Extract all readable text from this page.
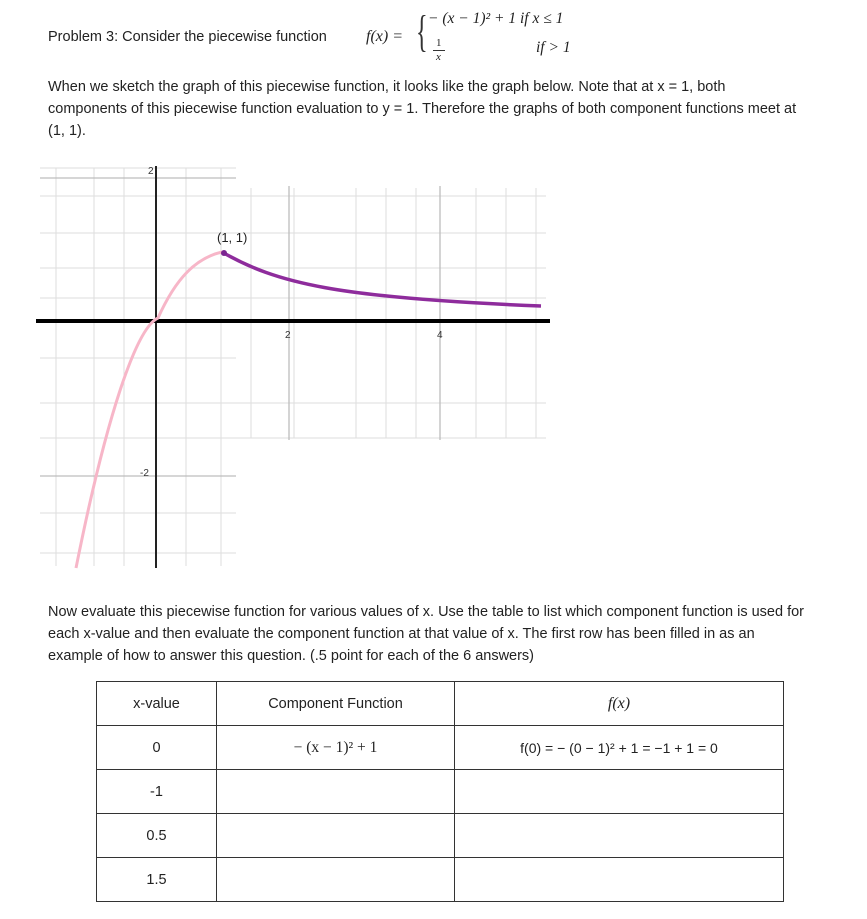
Problem 3: Consider the piecewise function f(x) = { − (x − 1)² + 1 if x ≤ 1
1
x
if > 1
When we sketch the graph of this piecewise function, it looks like the graph below. Note that at x = 1, both components of this piecewise function evaluation to y = 1. Therefore the graphs of both component functions meet at (1, 1).
(1, 1)
2	4
2
-2
Now evaluate this piecewise function for various values of x. Use the table to list which component function is used for each x-value and then evaluate the component function at that value of x. The first row has been filled in as an example of how to answer this question. (.5 point for each of the 6 answers)
x-value	Component Function	f(x)
0	− (x − 1)² + 1	f(0) = − (0 − 1)² + 1 = −1 + 1 = 0
-1		
0.5		
1.5		
